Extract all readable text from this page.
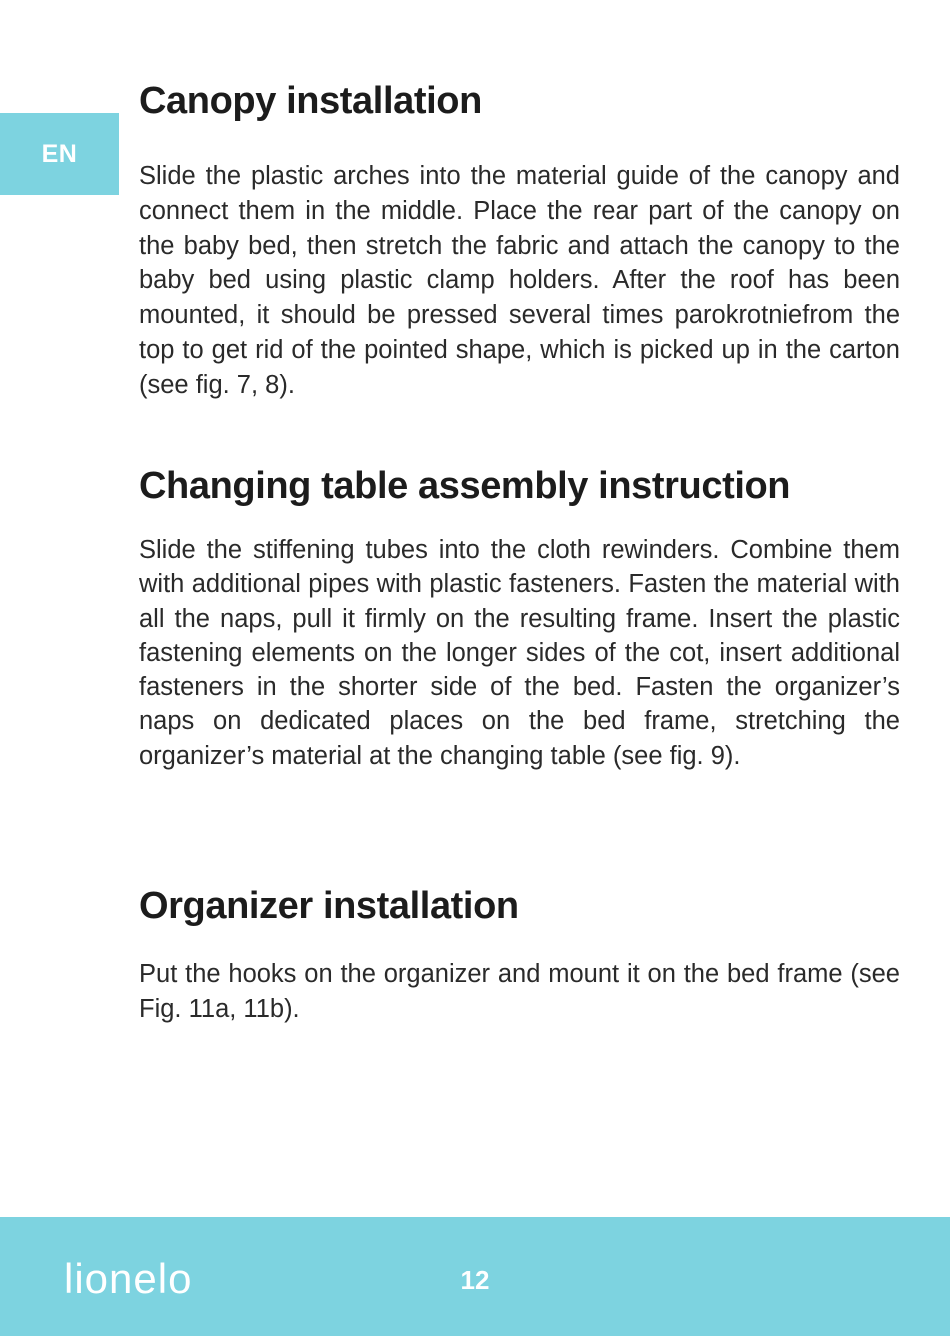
EN
Canopy installation

Slide the plastic arches into the material guide of the canopy and connect them in the middle. Place the rear part of the canopy on the baby bed, then stretch the fabric and attach the canopy to the baby bed using plastic clamp holders. After the roof has been mounted, it should be pressed several times parokrotniefrom the top to get rid of the pointed shape, which is picked up in the carton (see fig. 7, 8).

Changing table assembly instruction

Slide the stiffening tubes into the cloth rewinders. Combine them with additional pipes with plastic fasteners. Fasten the material with all the naps, pull it firmly on the resulting frame. Insert the plastic fastening elements on the longer sides of the cot, insert additional fasteners in the shorter side of the bed. Fasten the organizer’s naps on dedicated places on the bed frame, stretching the organizer’s material at the changing table (see fig. 9).

Organizer installation

Put the hooks on the organizer and mount it on the bed frame (see Fig. 11a, 11b).

lionelo	12
